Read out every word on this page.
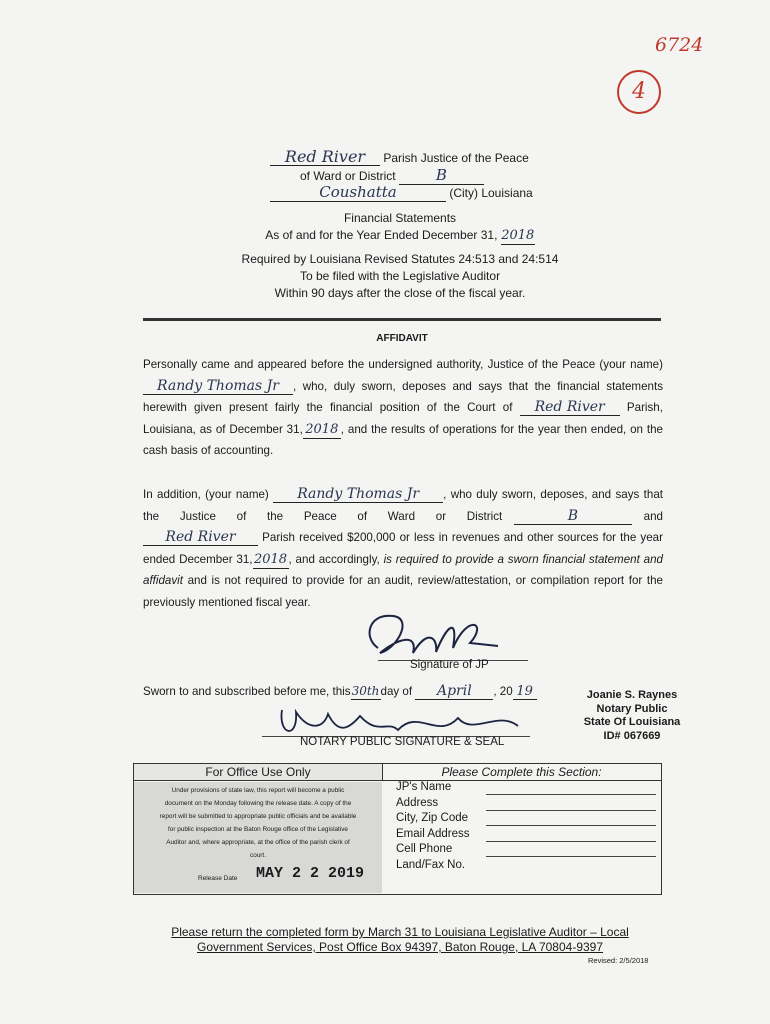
6724
4
Red River Parish Justice of the Peace
of Ward or District	B
Coushatta	(City) Louisiana
Financial Statements
As of and for the Year Ended December 31, 2018
Required by Louisiana Revised Statutes 24:513 and 24:514
To be filed with the Legislative Auditor
Within 90 days after the close of the fiscal year.
AFFIDAVIT
Personally came and appeared before the undersigned authority, Justice of the Peace (your name) Randy Thomas Jr , who, duly sworn, deposes and says that the financial statements herewith given present fairly the financial position of the Court of Red River Parish, Louisiana, as of December 31, 2018 , and the results of operations for the year then ended, on the cash basis of accounting.
In addition, (your name) Randy Thomas Jr , who duly sworn, deposes, and says that the Justice of the Peace of Ward or District	B	and Red River Parish received $200,000 or less in revenues and other sources for the year ended December 31,2018, and accordingly, is required to provide a sworn financial statement and affidavit and is not required to provide for an audit, review/attestation, or compilation report for the previously mentioned fiscal year.
Signature of JP
Sworn to and subscribed before me, this30thday of April , 20 19
NOTARY PUBLIC SIGNATURE & SEAL
Joanie S. Raynes
Notary Public
State Of Louisiana
ID# 067669
For Office Use Only	Please Complete this Section:
Under provisions of state law, this report will become a public
document on the Monday following the release date. A copy of the
report will be submitted to appropriate public officials and be available
for public inspection at the Baton Rouge office of the Legislative
Auditor and, where appropriate, at the office of the parish clerk of
court.
Release Date MAY 2 2 2019
JP's Name
Address
City, Zip Code
Email Address
Cell Phone
Land/Fax No.
Please return the completed form by March 31 to Louisiana Legislative Auditor – Local
Government Services, Post Office Box 94397, Baton Rouge, LA 70804-9397
Revised: 2/5/2018
